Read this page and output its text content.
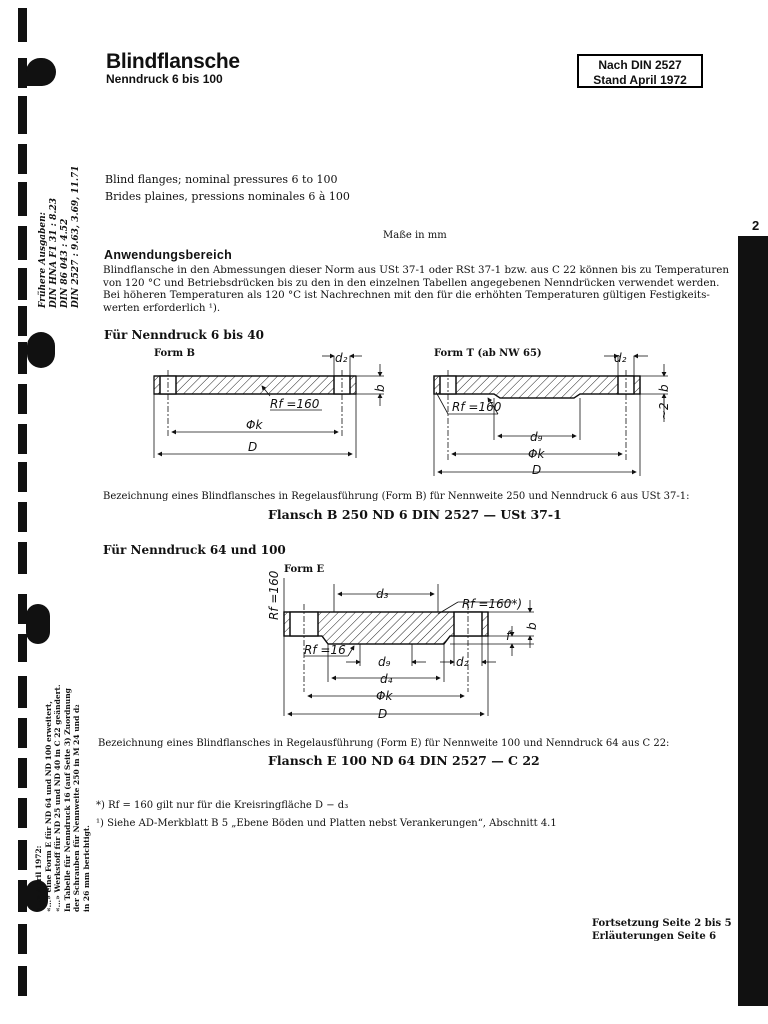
2
Blindflansche
Nenndruck 6 bis 100
Nach DIN 2527
Stand April 1972
Frühere Ausgaben: DIN HNA F1 31 : 8.23 DIN 86 043 : 4.52 DIN 2527 : 9.63, 3.69, 11.71
«…» April 1972: «…» eine Form E für ND 64 und ND 100 erweitert, «…» Werkstoff für ND 25 und ND 40 in C 22 geändert. In Tabelle für Nenndruck 16 (auf Seite 3) Zuordnung der Schrauben für Nennweite 250 in M 24 und d₂ in 26 mm berichtigt.
Blind flanges; nominal pressures 6 to 100
Brides plaines, pressions nominales 6 à 100
Maße in mm
Anwendungsbereich
Blindflansche in den Abmessungen dieser Norm aus USt 37-1 oder RSt 37-1 bzw. aus C 22 können bis zu Temperaturen
von 120 °C und Betriebsdrücken bis zu den in den einzelnen Tabellen angegebenen Nenndrücken verwendet werden.
Bei höheren Temperaturen als 120 °C ist Nachrechnen mit den für die erhöhten Temperaturen gültigen Festigkeits-
werten erforderlich ¹).
Für Nenndruck 6 bis 40
Form B	Form T (ab NW 65)
d₂
b
Rf =160
Φk
D
d₂
b
~2
Rf =160
d₉
Φk
D
d₃
Rf =160*)
Rf =160
Rf =16
d₉	d₂
d₄
Φk
D
b
f
Bezeichnung eines Blindflansches in Regelausführung (Form B) für Nennweite 250 und Nenndruck 6 aus USt 37-1:
Flansch B 250 ND 6 DIN 2527 — USt 37-1
Für Nenndruck 64 und 100
Form E
Bezeichnung eines Blindflansches in Regelausführung (Form E) für Nennweite 100 und Nenndruck 64 aus C 22:
Flansch E 100 ND 64 DIN 2527 — C 22
*) Rf = 160 gilt nur für die Kreisringfläche D − d₃
¹) Siehe AD-Merkblatt B 5 „Ebene Böden und Platten nebst Verankerungen“, Abschnitt 4.1
Fortsetzung Seite 2 bis 5
Erläuterungen Seite 6
